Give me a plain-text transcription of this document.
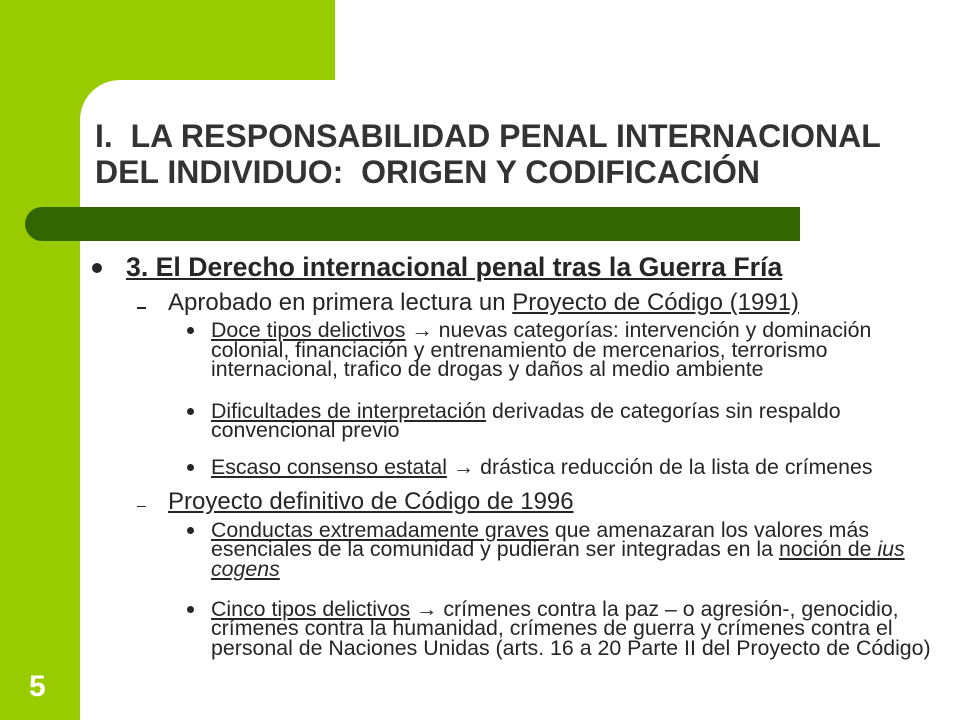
I.  LA RESPONSABILIDAD PENAL INTERNACIONAL
DEL INDIVIDUO:  ORIGEN Y CODIFICACIÓN
3. El Derecho internacional penal tras la Guerra Fría
Aprobado en primera lectura un Proyecto de Código (1991)
Doce tipos delictivos → nuevas categorías: intervención y dominación colonial, financiación y entrenamiento de mercenarios, terrorismo internacional, trafico de drogas y daños al medio ambiente
Dificultades de interpretación derivadas de categorías sin respaldo convencional previo
Escaso consenso estatal → drástica reducción de la lista de crímenes
Proyecto definitivo de Código de 1996
Conductas extremadamente graves que amenazaran los valores más esenciales de la comunidad y pudieran ser integradas en la noción de ius cogens
Cinco tipos delictivos → crímenes contra la paz – o agresión-, genocidio, crímenes contra la humanidad, crímenes de guerra y crímenes contra el personal de Naciones Unidas (arts. 16 a 20 Parte II del Proyecto de Código)
5
